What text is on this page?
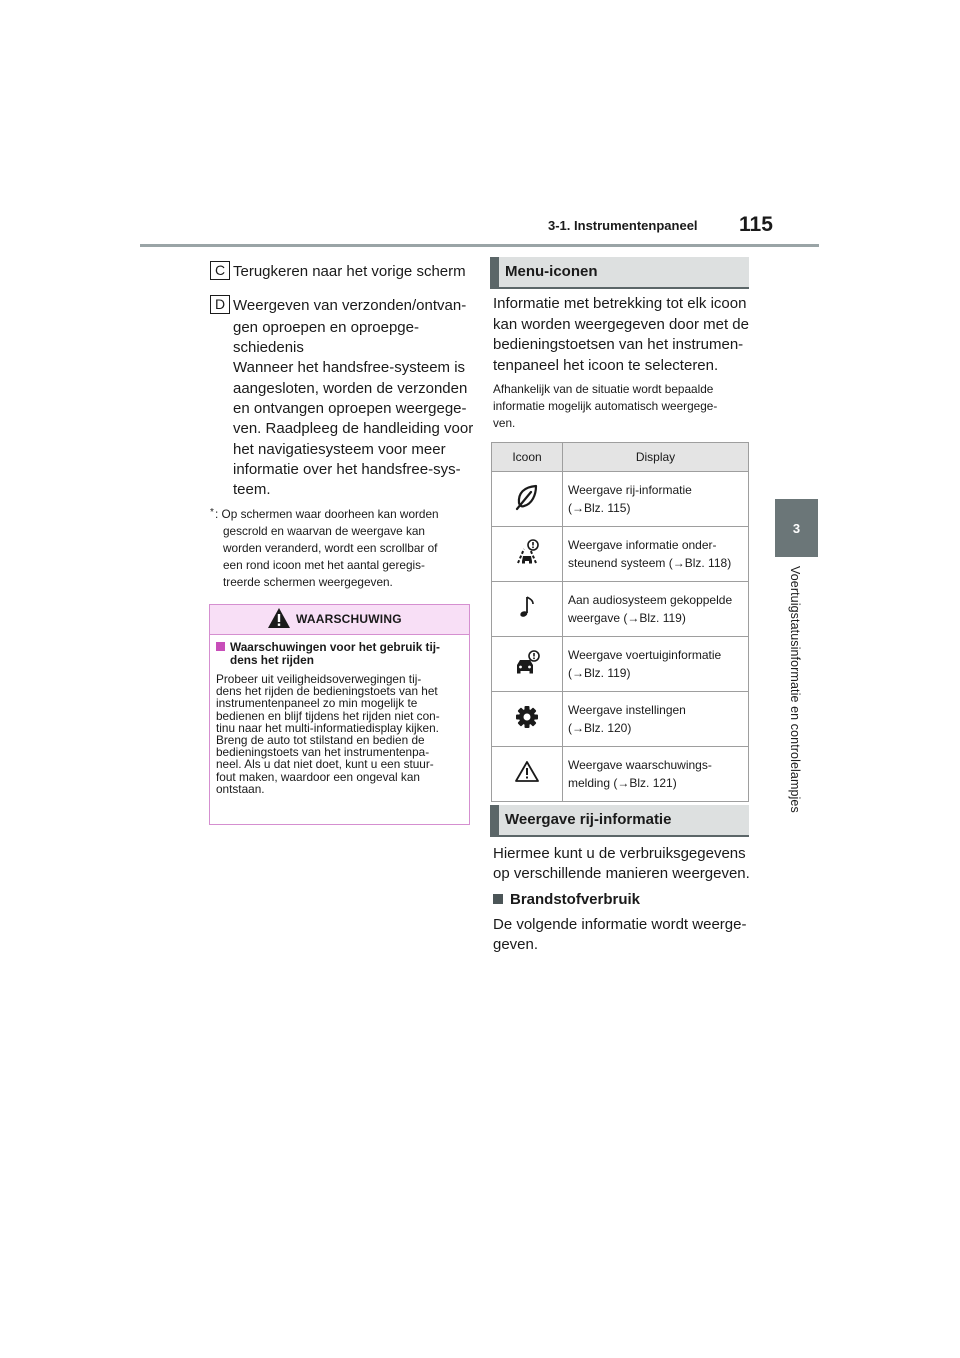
3-1. Instrumentenpaneel 115
3
Voertuigstatusinformatie en controlelampjes
C Terugkeren naar het vorige scherm
D Weergeven van verzonden/ontvan-
gen oproepen en oproepge-
schiedenis
Wanneer het handsfree-systeem is
aangesloten, worden de verzonden
en ontvangen oproepen weergege-
ven. Raadpleeg de handleiding voor
het navigatiesysteem voor meer
informatie over het handsfree-sys-
teem.
* : Op schermen waar doorheen kan worden
gescrold en waarvan de weergave kan
worden veranderd, wordt een scrollbar of
een rond icoon met het aantal geregis-
treerde schermen weergegeven.
WAARSCHUWING
Waarschuwingen voor het gebruik tij-
dens het rijden
Probeer uit veiligheidsoverwegingen tij-
dens het rijden de bedieningstoets van het
instrumentenpaneel zo min mogelijk te
bedienen en blijf tijdens het rijden niet con-
tinu naar het multi-informatiedisplay kijken.
Breng de auto tot stilstand en bedien de
bedieningstoets van het instrumentenpa-
neel. Als u dat niet doet, kunt u een stuur-
fout maken, waardoor een ongeval kan
ontstaan.
Menu-iconen
Informatie met betrekking tot elk icoon
kan worden weergegeven door met de
bedieningstoetsen van het instrumen-
tenpaneel het icoon te selecteren.
Afhankelijk van de situatie wordt bepaalde
informatie mogelijk automatisch weergege-
ven.
Icoon	Display

Weergave rij-informatie
(→Blz. 115)

Weergave informatie onder-
steunend systeem (→Blz. 118)

Aan audiosysteem gekoppelde
weergave (→Blz. 119)

Weergave voertuiginformatie
(→Blz. 119)

Weergave instellingen
(→Blz. 120)

Weergave waarschuwings-
melding (→Blz. 121)
Weergave rij-informatie
Hiermee kunt u de verbruiksgegevens
op verschillende manieren weergeven.
Brandstofverbruik
De volgende informatie wordt weerge-
geven.
